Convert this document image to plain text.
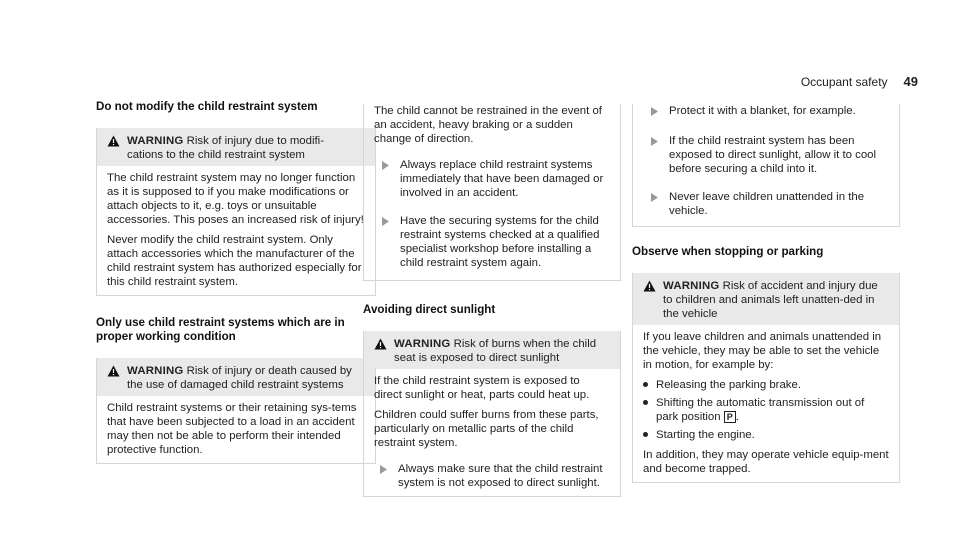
Occupant safety 49
Do not modify the child restraint system
WARNING Risk of injury due to modifi-
cations to the child restraint system

The child restraint system may no longer function as it is supposed to if you make modifications or attach objects to it, e.g. toys or unsuitable accessories. This poses an increased risk of injury!

Never modify the child restraint system. Only attach accessories which the manufacturer of the child restraint system has authorized especially for this child restraint system.

Only use child restraint systems which are in proper working condition
WARNING Risk of injury or death caused by the use of damaged child restraint systems

Child restraint systems or their retaining sys-tems that have been subjected to a load in an accident may then not be able to perform their intended protective function.

The child cannot be restrained in the event of an accident, heavy braking or a sudden change of direction.

Always replace child restraint systems immediately that have been damaged or involved in an accident.
Have the securing systems for the child restraint systems checked at a qualified specialist workshop before installing a child restraint system again.
Avoiding direct sunlight
WARNING Risk of burns when the child seat is exposed to direct sunlight

If the child restraint system is exposed to direct sunlight or heat, parts could heat up.

Children could suffer burns from these parts, particularly on metallic parts of the child restraint system.

Always make sure that the child restraint system is not exposed to direct sunlight.
Protect it with a blanket, for example.
If the child restraint system has been exposed to direct sunlight, allow it to cool before securing a child into it.
Never leave children unattended in the vehicle.
Observe when stopping or parking
WARNING Risk of accident and injury due to children and animals left unatten-ded in the vehicle

If you leave children and animals unattended in the vehicle, they may be able to set the vehicle in motion, for example by:

Releasing the parking brake.
Shifting the automatic transmission out of park position P .
Starting the engine.

In addition, they may operate vehicle equip-ment and become trapped.
